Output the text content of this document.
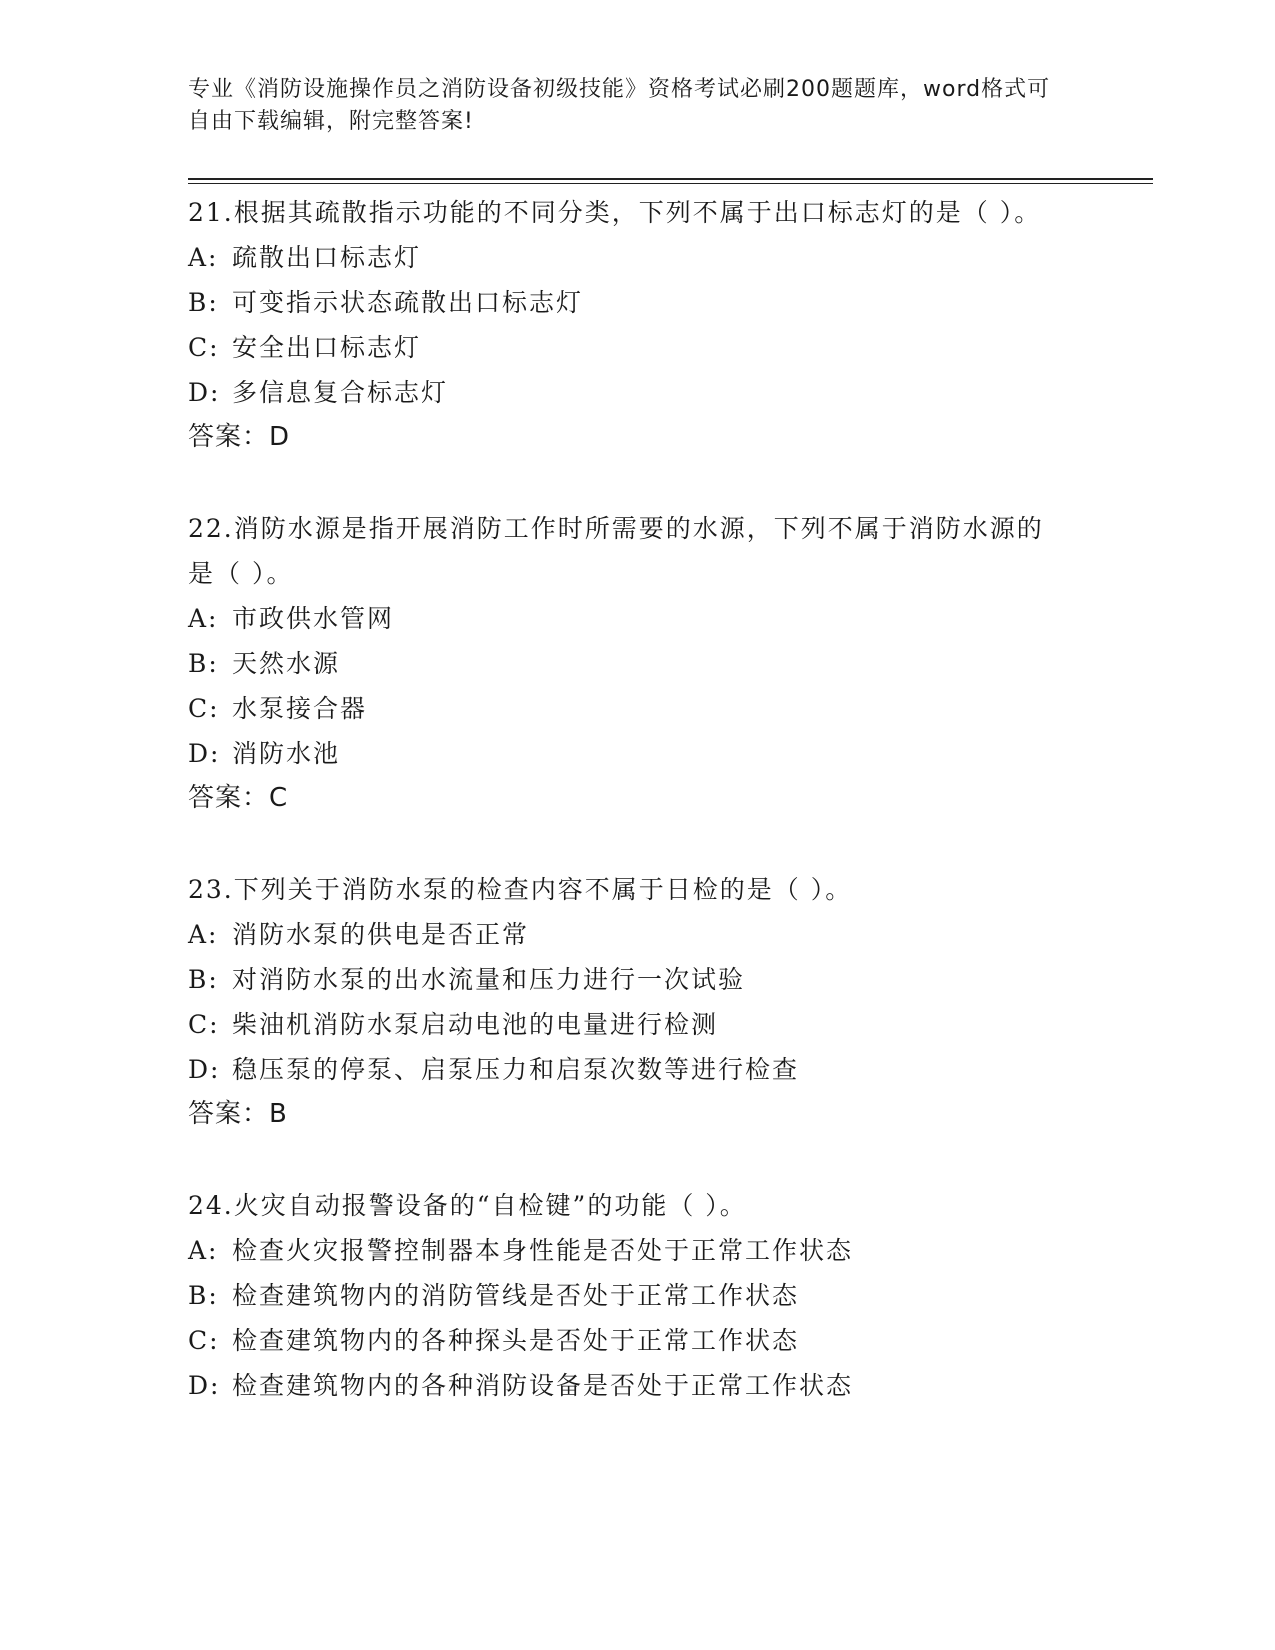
专业《消防设施操作员之消防设备初级技能》资格考试必刷200题题库，word格式可自由下载编辑，附完整答案!

21.根据其疏散指示功能的不同分类，下列不属于出口标志灯的是（ ）。

A: 疏散出口标志灯

B: 可变指示状态疏散出口标志灯

C: 安全出口标志灯

D: 多信息复合标志灯

答案：D

22.消防水源是指开展消防工作时所需要的水源，下列不属于消防水源的是（ ）。

A: 市政供水管网

B: 天然水源

C: 水泵接合器

D: 消防水池

答案：C

23.下列关于消防水泵的检查内容不属于日检的是（ ）。

A: 消防水泵的供电是否正常

B: 对消防水泵的出水流量和压力进行一次试验

C: 柴油机消防水泵启动电池的电量进行检测

D: 稳压泵的停泵、启泵压力和启泵次数等进行检查

答案：B

24.火灾自动报警设备的“自检键”的功能（ ）。

A: 检查火灾报警控制器本身性能是否处于正常工作状态

B: 检查建筑物内的消防管线是否处于正常工作状态

C: 检查建筑物内的各种探头是否处于正常工作状态

D: 检查建筑物内的各种消防设备是否处于正常工作状态
